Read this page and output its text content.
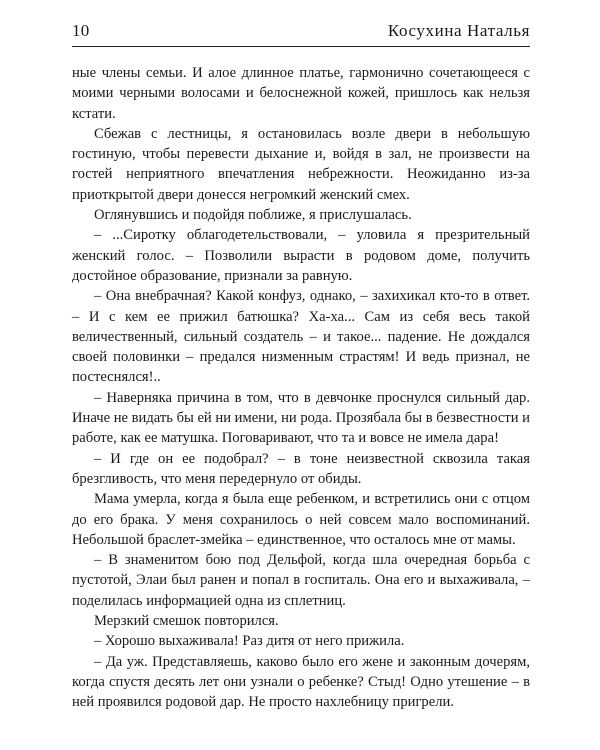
10	Косухина Наталья

ные члены семьи. И алое длинное платье, гармонично сочетающееся с моими черными волосами и белоснежной кожей, пришлось как нельзя кстати.

Сбежав с лестницы, я остановилась возле двери в небольшую гостиную, чтобы перевести дыхание и, войдя в зал, не произвести на гостей неприятного впечатления небрежности. Неожиданно из-за приоткрытой двери донесся негромкий женский смех.

Оглянувшись и подойдя поближе, я прислушалась.

– ...Сиротку облагодетельствовали, – уловила я презрительный женский голос. – Позволили вырасти в родовом доме, получить достойное образование, признали за равную.

– Она внебрачная? Какой конфуз, однако, – захихикал кто-то в ответ. – И с кем ее прижил батюшка? Ха-ха... Сам из себя весь такой величественный, сильный создатель – и такое... падение. Не дождался своей половинки – предался низменным страстям! И ведь признал, не постеснялся!..

– Наверняка причина в том, что в девчонке проснулся сильный дар. Иначе не видать бы ей ни имени, ни рода. Прозябала бы в безвестности и работе, как ее матушка. Поговаривают, что та и вовсе не имела дара!

– И где он ее подобрал? – в тоне неизвестной сквозила такая брезгливость, что меня передернуло от обиды.

Мама умерла, когда я была еще ребенком, и встретились они с отцом до его брака. У меня сохранилось о ней совсем мало воспоминаний. Небольшой браслет-змейка – единственное, что осталось мне от мамы.

– В знаменитом бою под Дельфой, когда шла очередная борьба с пустотой, Элаи был ранен и попал в госпиталь. Она его и выхаживала, – поделилась информацией одна из сплетниц.

Мерзкий смешок повторился.

– Хорошо выхаживала! Раз дитя от него прижила.

– Да уж. Представляешь, каково было его жене и законным дочерям, когда спустя десять лет они узнали о ребенке? Стыд! Одно утешение – в ней проявился родовой дар. Не просто нахлебницу пригрели.
